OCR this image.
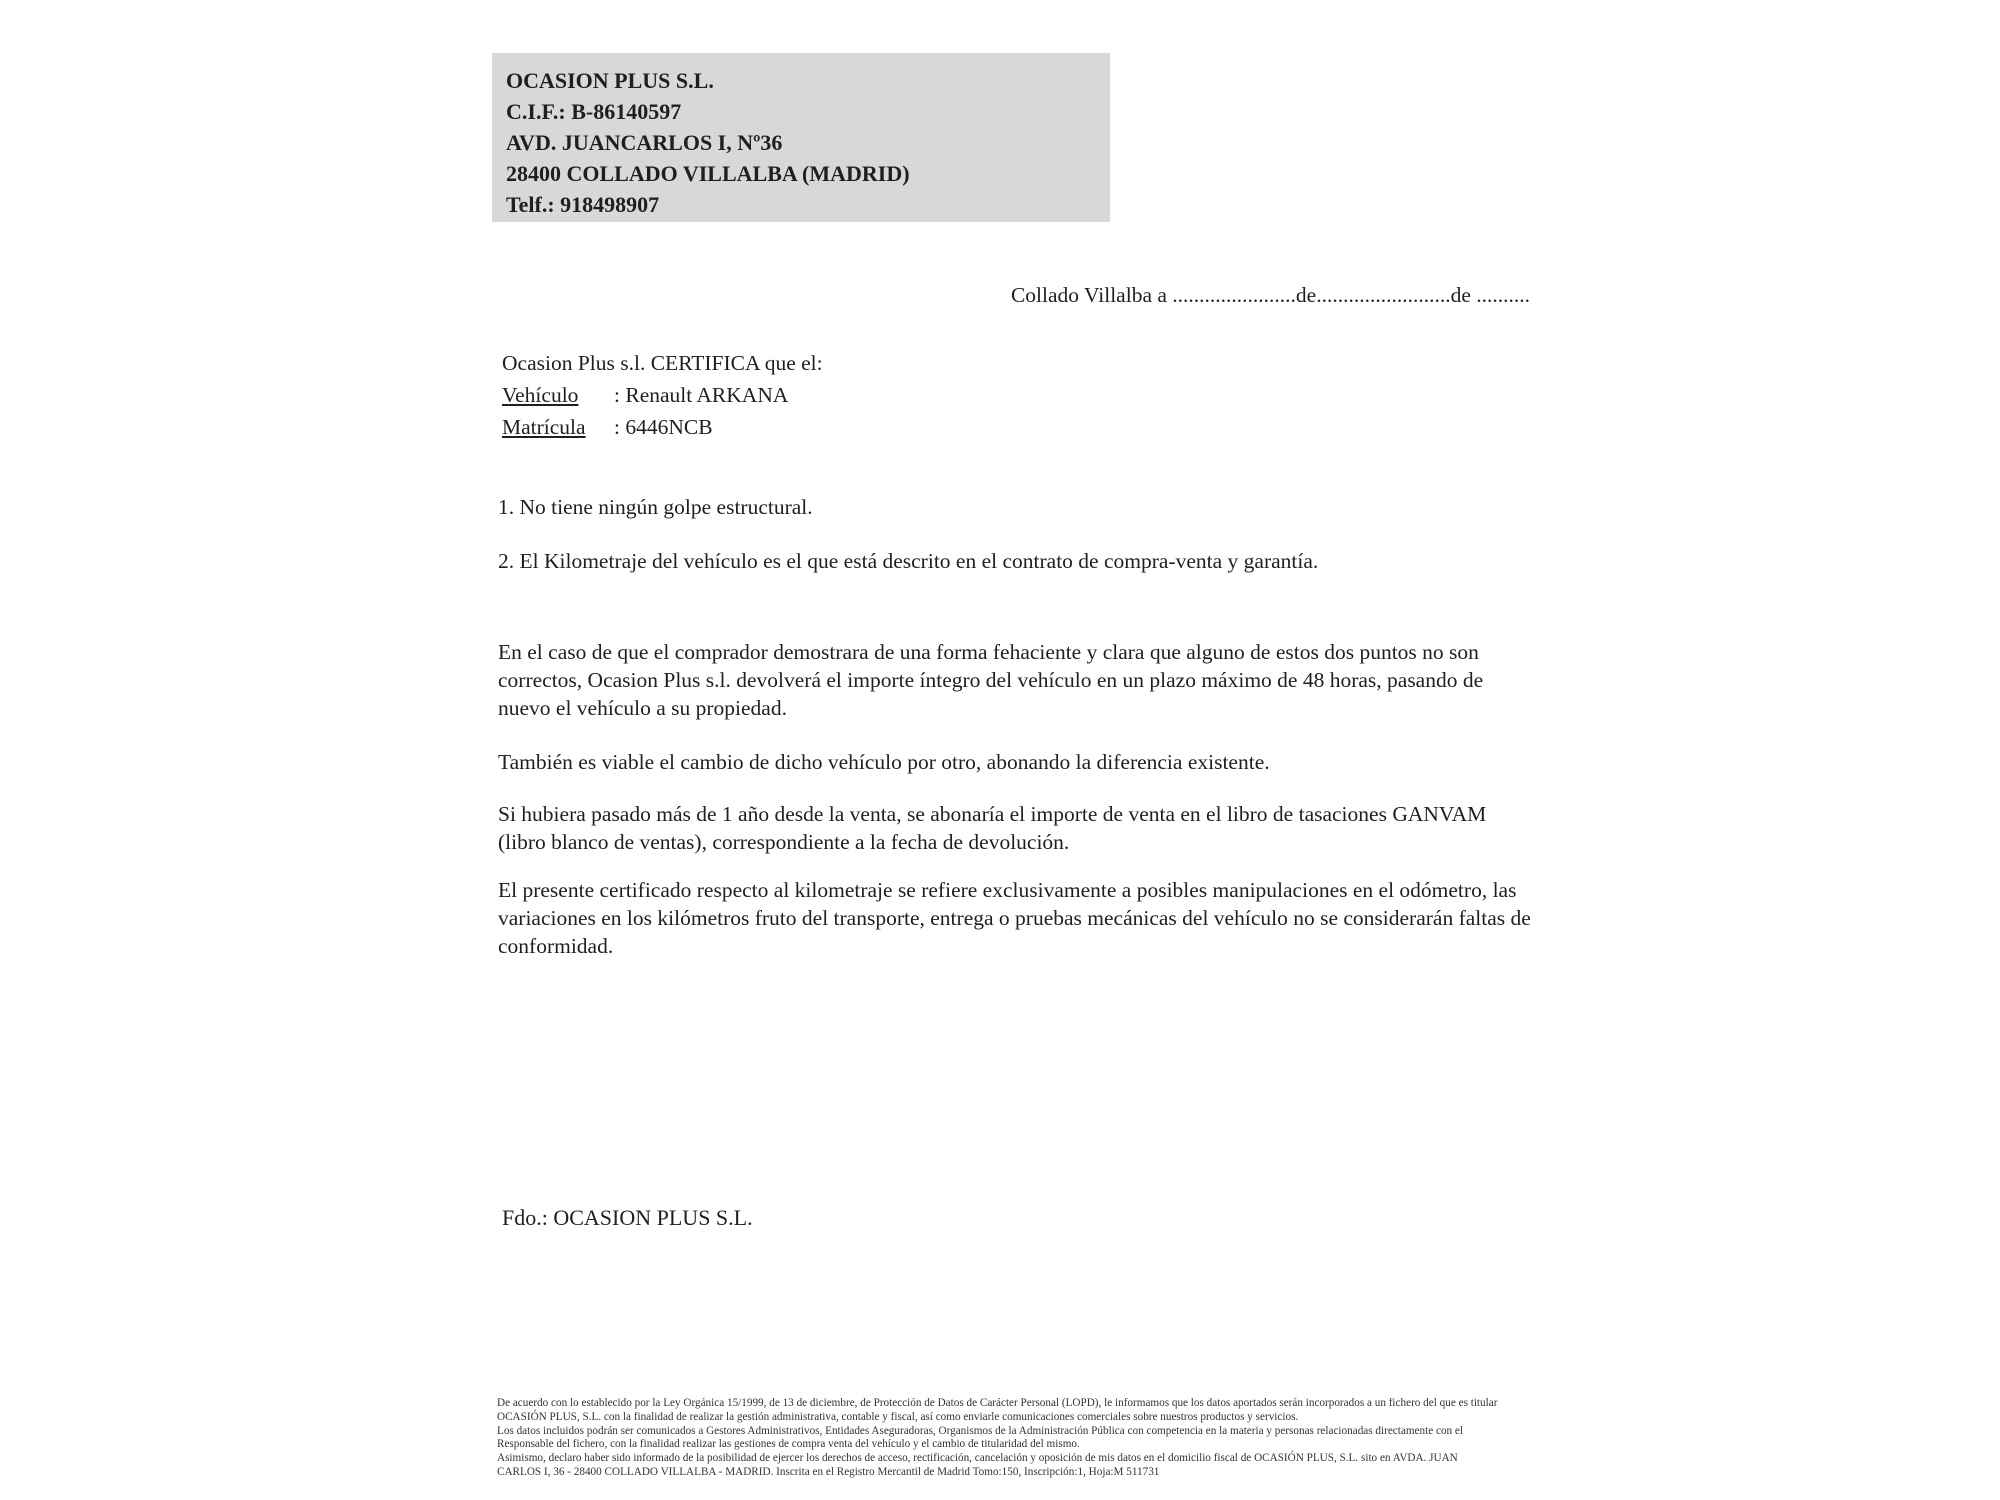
OCASION PLUS S.L.
C.I.F.: B-86140597
AVD. JUANCARLOS I, Nº36
28400 COLLADO VILLALBA (MADRID)
Telf.: 918498907
Collado Villalba a .......................de.........................de ..........
Ocasion Plus s.l. CERTIFICA que el:
Vehículo : Renault ARKANA
Matrícula : 6446NCB
1. No tiene ningún golpe estructural.
2. El Kilometraje del vehículo es el que está descrito en el contrato de compra-venta y garantía.
En el caso de que el comprador demostrara de una forma fehaciente y clara que alguno de estos dos puntos no son correctos, Ocasion Plus s.l. devolverá el importe íntegro del vehículo en un plazo máximo de 48 horas, pasando de nuevo el vehículo a su propiedad.
También es viable el cambio de dicho vehículo por otro, abonando la diferencia existente.
Si hubiera pasado más de 1 año desde la venta, se abonaría el importe de venta en el libro de tasaciones GANVAM (libro blanco de ventas), correspondiente a la fecha de devolución.
El presente certificado respecto al kilometraje se refiere exclusivamente a posibles manipulaciones en el odómetro, las variaciones en los kilómetros fruto del transporte, entrega o pruebas mecánicas del vehículo no se considerarán faltas de conformidad.
Fdo.: OCASION PLUS S.L.
De acuerdo con lo establecido por la Ley Orgánica 15/1999, de 13 de diciembre, de Protección de Datos de Carácter Personal (LOPD), le informamos que los datos aportados serán incorporados a un fichero del que es titular
OCASIÓN PLUS, S.L. con la finalidad de realizar la gestión administrativa, contable y fiscal, así como enviarle comunicaciones comerciales sobre nuestros productos y servicios.
Los datos incluidos podrán ser comunicados a Gestores Administrativos, Entidades Aseguradoras, Organismos de la Administración Pública con competencia en la materia y personas relacionadas directamente con el
Responsable del fichero, con la finalidad realizar las gestiones de compra venta del vehículo y el cambio de titularidad del mismo.
Asimismo, declaro haber sido informado de la posibilidad de ejercer los derechos de acceso, rectificación, cancelación y oposición de mis datos en el domicilio fiscal de OCASIÓN PLUS, S.L. sito en AVDA. JUAN
CARLOS I, 36 - 28400 COLLADO VILLALBA - MADRID. Inscrita en el Registro Mercantil de Madrid Tomo:150, Inscripción:1, Hoja:M 511731
